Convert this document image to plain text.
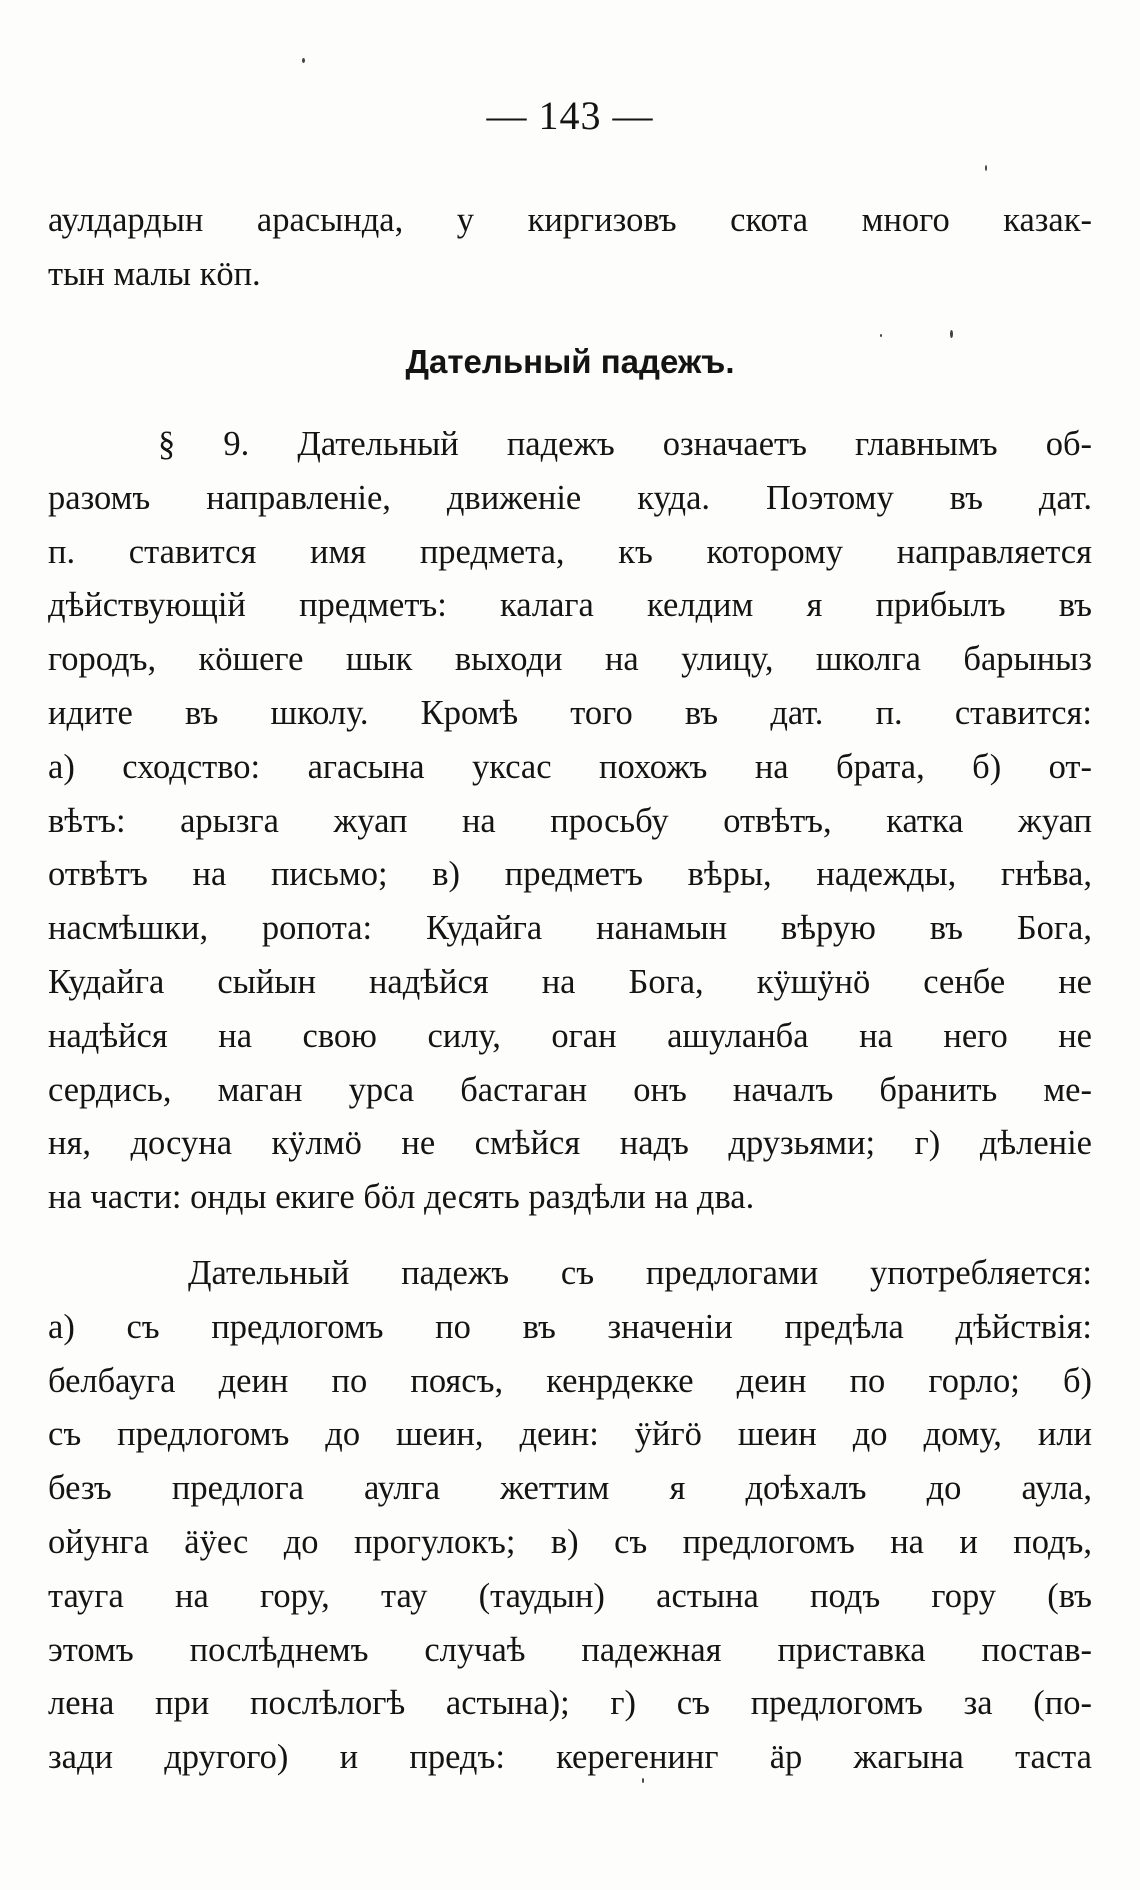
— 143 —
аулдардын арасында, у киргизовъ скота много казак-
тын малы кöп.
Дательный падежъ.
§ 9. Дательный падежъ означаетъ главнымъ об-
разомъ направленiе, движенiе куда. Поэтому въ дат.
п. ставится имя предмета, къ которому направляется
дѣйствующiй предметъ: калага келдим я прибылъ въ
городъ, кöшеге шык выходи на улицу, школга барыныз
идите въ школу. Кромѣ того въ дат. п. ставится:
а) сходство: агасына уксас похожъ на брата, б) от-
вѣтъ: арызга жуап на просьбу отвѣтъ, катка жуап
отвѣтъ на письмо; в) предметъ вѣры, надежды, гнѣва,
насмѣшки, ропота: Кудайга нанамын вѣрую въ Бога,
Кудайга сыйын надѣйся на Бога, кÿшÿнö сенбе не
надѣйся на свою силу, оган ашуланба на него не
сердись, маган урса бастаган онъ началъ бранить ме-
ня, досуна кÿлмö не смѣйся надъ друзьями; г) дѣленiе
на части: онды екиге бöл десять раздѣли на два.
Дательный падежъ съ предлогами употребляется:
а) съ предлогомъ по въ значенiи предѣла дѣйствiя:
белбауга деин по поясъ, кенрдекке деин по горло; б)
съ предлогомъ до шеин, деин: ÿйгö шеин до дому, или
безъ предлога аулга жеттим я доѣхалъ до аула,
ойунга äÿес до прогулокъ; в) съ предлогомъ на и подъ,
тауга на гору, тау (таудын) астына подъ гору (въ
этомъ послѣднемъ случаѣ падежная приставка постав-
лена при послѣлогѣ астына); г) съ предлогомъ за (по-
зади другого) и предъ: керегенинг äр жагына таста
